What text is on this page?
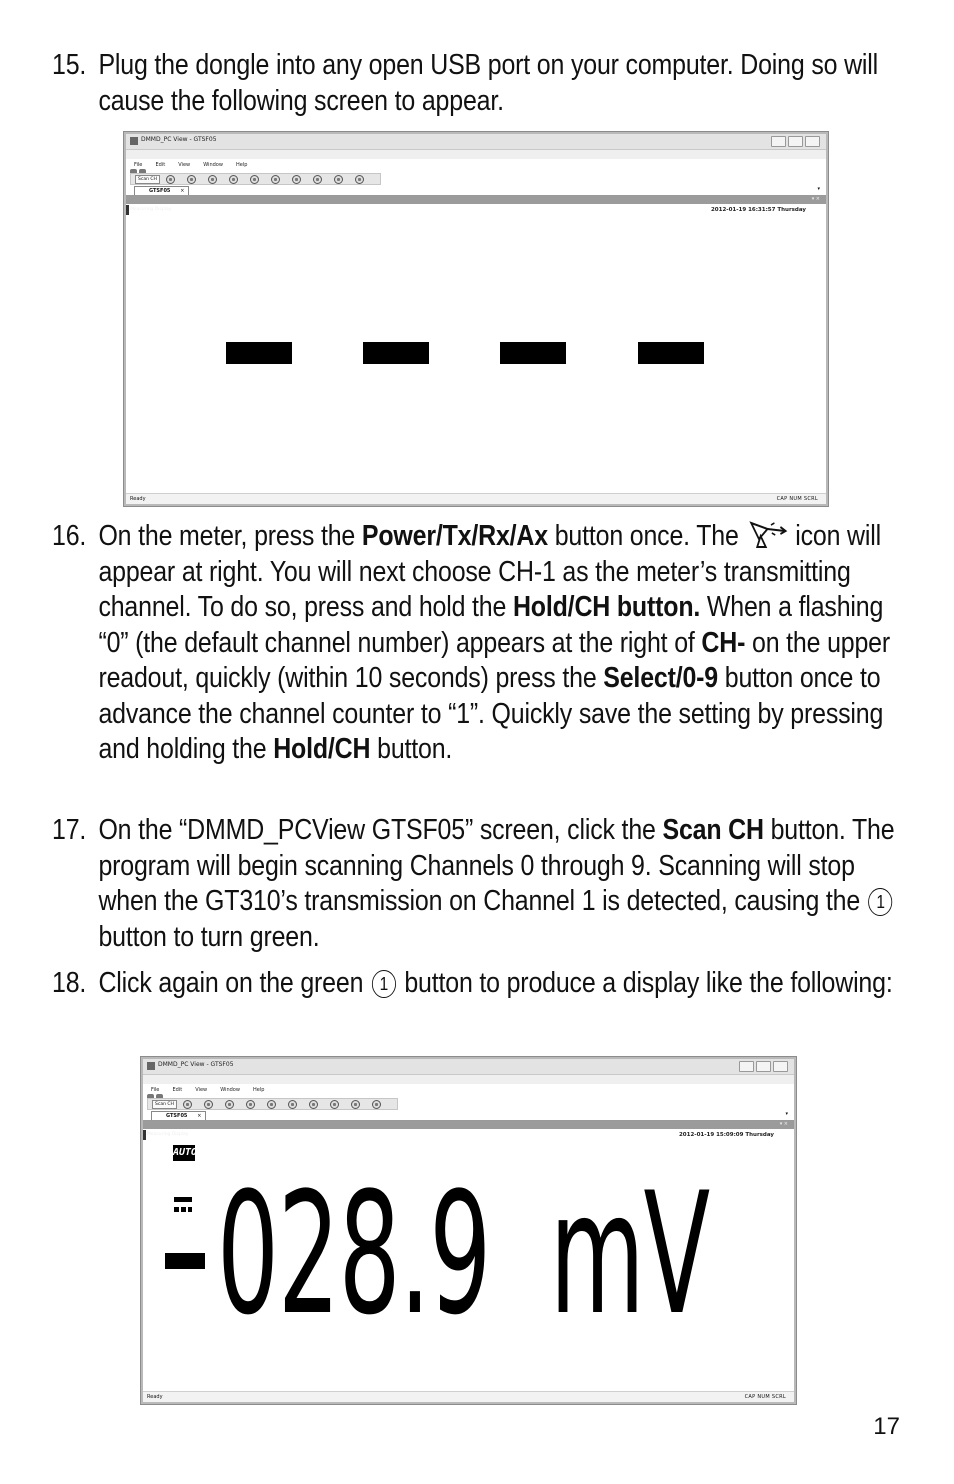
15. Plug the dongle into any open USB port on your computer. Doing so will cause the following screen to appear.
DMMD_PC View - GTSF05
File	Edit	View	Window	Help
Scan CH
GTSF05 ×	▾
Measuring Display
▾ ×
2012-01-19 16:31:57 Thursday
Ready	CAP NUM SCRL
16. On the meter, press the Power/Tx/Rx/Ax button once. The  icon will appear at right. You will next choose CH-1 as the meter’s transmitting channel. To do so, press and hold the Hold/CH button. When a flashing “0” (the default channel number) appears at the right of CH- on the upper readout, quickly (within 10 seconds) press the Select/0-9 button once to advance the channel counter to “1”. Quickly save the setting by pressing and holding the Hold/CH button.
17. On the “DMMD_PCView GTSF05” screen, click the Scan CH button. The program will begin scanning Channels 0 through 9. Scanning will stop when the GT310’s transmission on Channel 1 is detected, causing the 1 button to turn green.
18. Click again on the green 1 button to produce a display like the following:
DMMD_PC View - GTSF05
File	Edit	View	Window	Help
Scan CH
GTSF05 ×	▾
Measuring Display
▾ ×
2012-01-19 15:09:09 Thursday
AUTO
028.9  mV
Ready	CAP NUM SCRL
17
